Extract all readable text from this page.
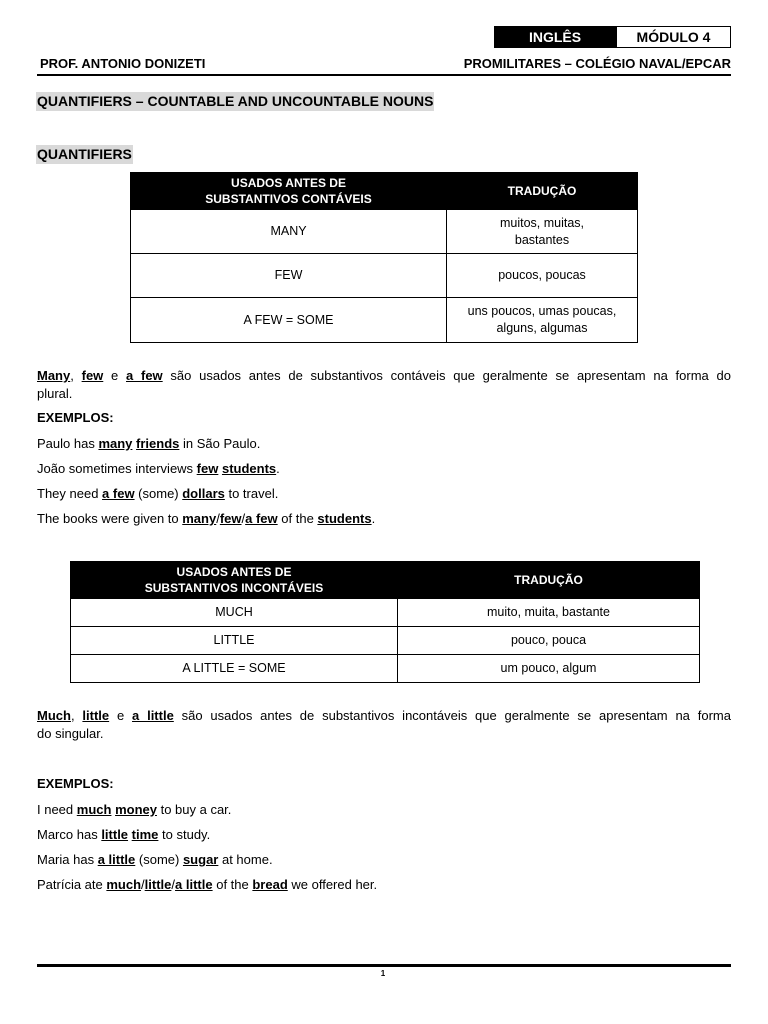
INGLÊS	MÓDULO 4
PROF. ANTONIO DONIZETI	PROMILITARES – COLÉGIO NAVAL/EPCAR
QUANTIFIERS – COUNTABLE AND UNCOUNTABLE NOUNS
QUANTIFIERS
USADOS ANTES DE
SUBSTANTIVOS CONTÁVEIS	TRADUÇÃO
MANY	muitos, muitas,
bastantes
FEW	poucos, poucas
A FEW = SOME	uns poucos, umas poucas,
alguns, algumas
Many, few e a few são usados antes de substantivos contáveis que geralmente se apresentam na forma do
plural.
EXEMPLOS:
Paulo has many friends in São Paulo.
João sometimes interviews few students.
They need a few (some) dollars to travel.
The books were given to many/few/a few of the students.
USADOS ANTES DE
SUBSTANTIVOS INCONTÁVEIS	TRADUÇÃO
MUCH	muito, muita, bastante
LITTLE	pouco, pouca
A LITTLE = SOME	um pouco, algum
Much, little e a little são usados antes de substantivos incontáveis que geralmente se apresentam na forma
do singular.
EXEMPLOS:
I need much money to buy a car.
Marco has little time to study.
Maria has a little (some) sugar at home.
Patrícia ate much/little/a little of the bread we offered her.
1
